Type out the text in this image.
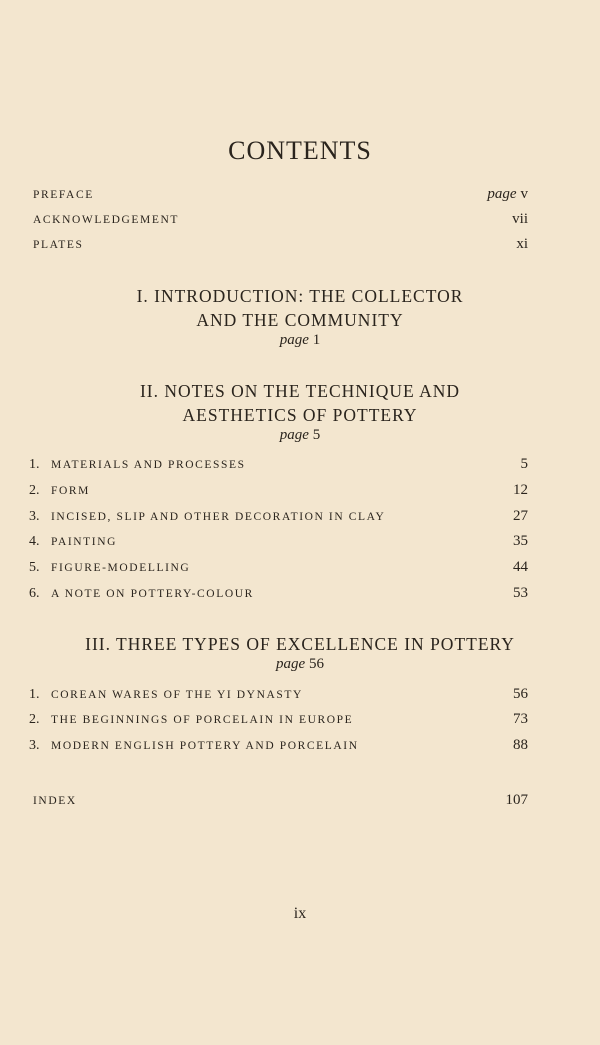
CONTENTS
PREFACE	page v
ACKNOWLEDGEMENT	vii
PLATES	xi
I. INTRODUCTION: THE COLLECTOR
AND THE COMMUNITY
page 1
II. NOTES ON THE TECHNIQUE AND
AESTHETICS OF POTTERY
page 5
1. MATERIALS AND PROCESSES	5
2. FORM	12
3. INCISED, SLIP AND OTHER DECORATION IN CLAY	27
4. PAINTING	35
5. FIGURE-MODELLING	44
6. A NOTE ON POTTERY-COLOUR	53
III. THREE TYPES OF EXCELLENCE IN POTTERY
page 56
1. COREAN WARES OF THE YI DYNASTY	56
2. THE BEGINNINGS OF PORCELAIN IN EUROPE	73
3. MODERN ENGLISH POTTERY AND PORCELAIN	88
INDEX	107
ix
